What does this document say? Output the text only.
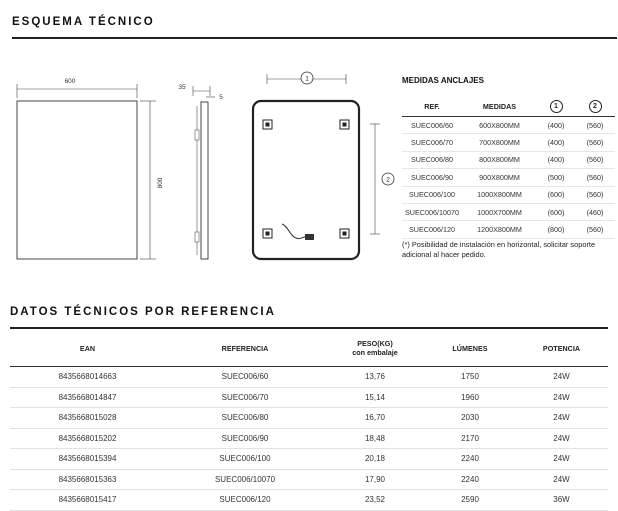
ESQUEMA TÉCNICO
600
800
35
5
1
2
MEDIDAS ANCLAJES
REF.	MEDIDAS	1	2
SUEC006/60	600X800MM	(400)	(560)
SUEC006/70	700X800MM	(400)	(560)
SUEC006/80	800X800MM	(400)	(560)
SUEC006/90	900X800MM	(500)	(560)
SUEC006/100	1000X800MM	(600)	(560)
SUEC006/10070	1000X700MM	(600)	(460)
SUEC006/120	1200X800MM	(800)	(560)
(*) Posibilidad de instalación en horizontal, solicitar soporte adicional al hacer pedido.
DATOS TÉCNICOS POR REFERENCIA
EAN	REFERENCIA	PESO(KG)
con embalaje	LÚMENES	POTENCIA
8435668014663	SUEC006/60	13,76	1750	24W
8435668014847	SUEC006/70	15,14	1960	24W
8435668015028	SUEC006/80	16,70	2030	24W
8435668015202	SUEC006/90	18,48	2170	24W
8435668015394	SUEC006/100	20,18	2240	24W
8435668015363	SUEC006/10070	17,90	2240	24W
8435668015417	SUEC006/120	23,52	2590	36W
